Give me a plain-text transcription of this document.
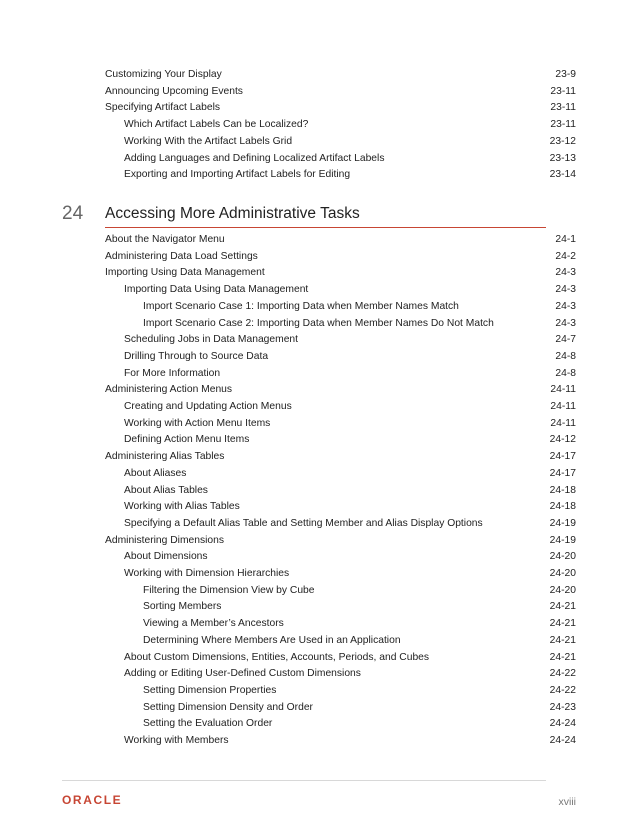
Customizing Your Display	23-9
Announcing Upcoming Events	23-11
Specifying Artifact Labels	23-11
Which Artifact Labels Can be Localized?	23-11
Working With the Artifact Labels Grid	23-12
Adding Languages and Defining Localized Artifact Labels	23-13
Exporting and Importing Artifact Labels for Editing	23-14
24 Accessing More Administrative Tasks
About the Navigator Menu	24-1
Administering Data Load Settings	24-2
Importing Using Data Management	24-3
Importing Data Using Data Management	24-3
Import Scenario Case 1: Importing Data when Member Names Match	24-3
Import Scenario Case 2: Importing Data when Member Names Do Not Match	24-3
Scheduling Jobs in Data Management	24-7
Drilling Through to Source Data	24-8
For More Information	24-8
Administering Action Menus	24-11
Creating and Updating Action Menus	24-11
Working with Action Menu Items	24-11
Defining Action Menu Items	24-12
Administering Alias Tables	24-17
About Aliases	24-17
About Alias Tables	24-18
Working with Alias Tables	24-18
Specifying a Default Alias Table and Setting Member and Alias Display Options	24-19
Administering Dimensions	24-19
About Dimensions	24-20
Working with Dimension Hierarchies	24-20
Filtering the Dimension View by Cube	24-20
Sorting Members	24-21
Viewing a Member’s Ancestors	24-21
Determining Where Members Are Used in an Application	24-21
About Custom Dimensions, Entities, Accounts, Periods, and Cubes	24-21
Adding or Editing User-Defined Custom Dimensions	24-22
Setting Dimension Properties	24-22
Setting Dimension Density and Order	24-23
Setting the Evaluation Order	24-24
Working with Members	24-24
ORACLE	xviii
